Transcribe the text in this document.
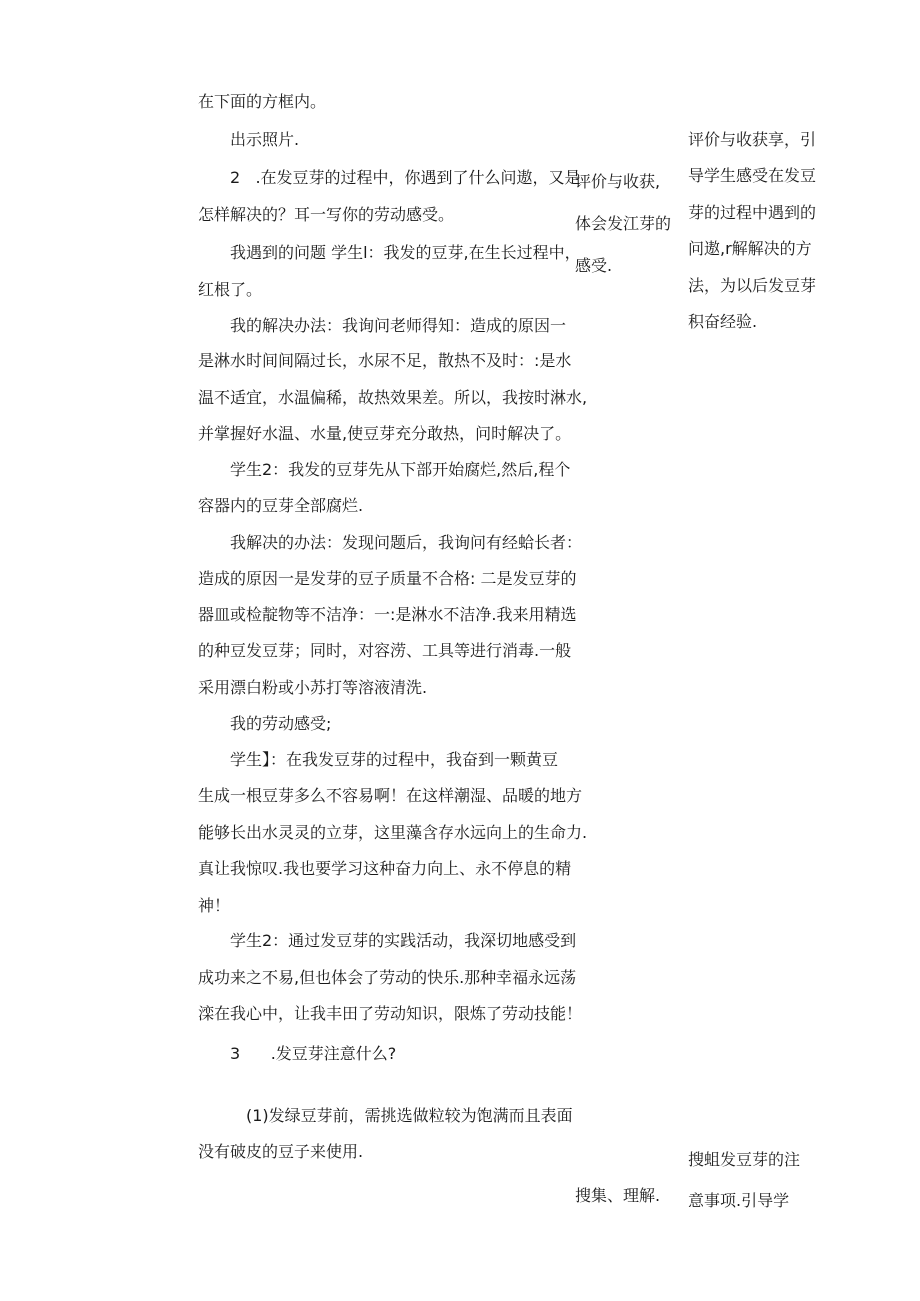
在下面的方框内。
出示照片.
2   .在发豆芽的过程中，你遇到了什么问遨，又是
怎样解决的？耳一写你的劳动感受。
我遇到的问题 学生l：我发的豆芽,在生长过程中，
红根了。
我的解决办法：我询问老师得知：造成的原因一
是淋水时间间隔过长，水尿不足，散热不及时：:是水
温不适宜，水温偏稀，故热效果差。所以，我按时淋水,
并掌握好水温、水量,使豆芽充分敢热，问时解决了。
学生2：我发的豆芽先从下部开始腐烂,然后,程个
容器内的豆芽全部腐烂.
我解决的办法：发现问题后，我询问有经蛤长者：
造成的原因一是发芽的豆子质量不合格: 二是发豆芽的
器皿或检靛物等不洁净：一:是淋水不洁净.我来用精选
的种豆发豆芽；同时，对容涝、工具等进行消毒.一般
采用漂白粉或小苏打等溶液清洗.
我的劳动感受;
学生】：在我发豆芽的过程中，我奋到一颗黄豆
生成一根豆芽多么不容易啊！在这样潮湿、品暖的地方
能够长出水灵灵的立芽，这里藻含存水远向上的生命力.
真让我惊叹.我也要学习这种奋力向上、永不停息的精
神！
学生2：通过发豆芽的实践活动，我深切地感受到
成功来之不易,但也体会了劳动的快乐.那种幸福永远荡
滦在我心中，让我丰田了劳动知识，限炼了劳动技能！
3      .发豆芽注意什么?
(1)发绿豆芽前，需挑选做粒较为饱满而且表面
没有破皮的豆子来使用.
评价与收获,
体会发江芽的
感受.
搜集、理解.
评价与收获享，引
导学生感受在发豆
芽的过程中遇到的
问遨,r解解决的方
法，为以后发豆芽
积奋经验.
搜蛆发豆芽的注
意事项.引导学
